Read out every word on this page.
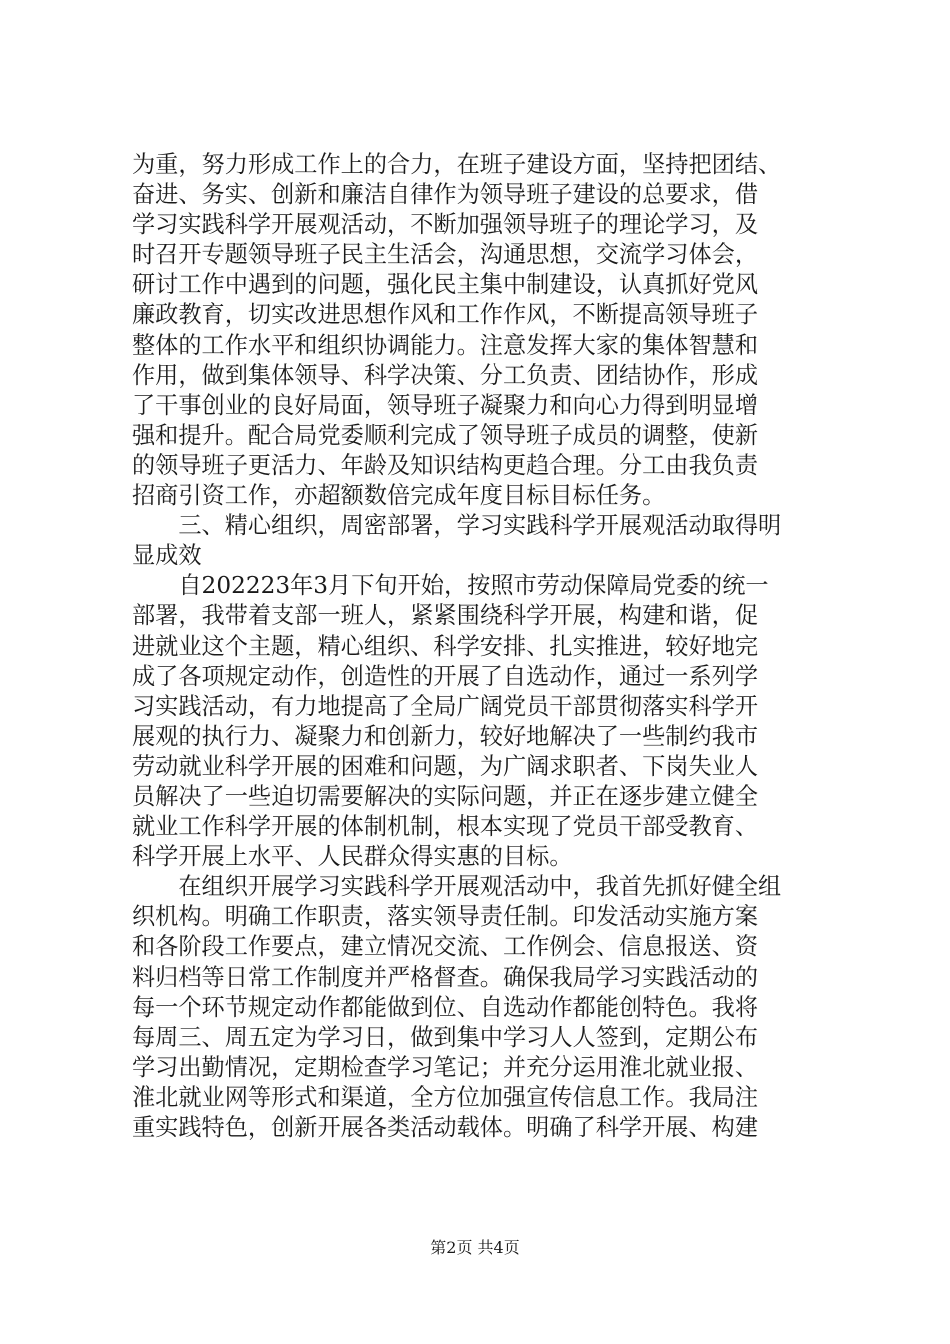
为重，努力形成工作上的合力，在班子建设方面，坚持把团结、
奋进、务实、创新和廉洁自律作为领导班子建设的总要求，借
学习实践科学开展观活动，不断加强领导班子的理论学习，及
时召开专题领导班子民主生活会，沟通思想，交流学习体会，
研讨工作中遇到的问题，强化民主集中制建设，认真抓好党风
廉政教育，切实改进思想作风和工作作风，不断提高领导班子
整体的工作水平和组织协调能力。注意发挥大家的集体智慧和
作用，做到集体领导、科学决策、分工负责、团结协作，形成
了干事创业的良好局面，领导班子凝聚力和向心力得到明显增
强和提升。配合局党委顺利完成了领导班子成员的调整，使新
的领导班子更活力、年龄及知识结构更趋合理。分工由我负责
招商引资工作，亦超额数倍完成年度目标目标任务。
　　三、精心组织，周密部署，学习实践科学开展观活动取得明
显成效
　　自202223年3月下旬开始，按照市劳动保障局党委的统一
部署，我带着支部一班人，紧紧围绕科学开展，构建和谐，促
进就业这个主题，精心组织、科学安排、扎实推进，较好地完
成了各项规定动作，创造性的开展了自选动作，通过一系列学
习实践活动，有力地提高了全局广阔党员干部贯彻落实科学开
展观的执行力、凝聚力和创新力，较好地解决了一些制约我市
劳动就业科学开展的困难和问题，为广阔求职者、下岗失业人
员解决了一些迫切需要解决的实际问题，并正在逐步建立健全
就业工作科学开展的体制机制，根本实现了党员干部受教育、
科学开展上水平、人民群众得实惠的目标。
　　在组织开展学习实践科学开展观活动中，我首先抓好健全组
织机构。明确工作职责，落实领导责任制。印发活动实施方案
和各阶段工作要点，建立情况交流、工作例会、信息报送、资
料归档等日常工作制度并严格督查。确保我局学习实践活动的
每一个环节规定动作都能做到位、自选动作都能创特色。我将
每周三、周五定为学习日，做到集中学习人人签到，定期公布
学习出勤情况，定期检查学习笔记；并充分运用淮北就业报、
淮北就业网等形式和渠道，全方位加强宣传信息工作。我局注
重实践特色，创新开展各类活动载体。明确了科学开展、构建
第2页 共4页
